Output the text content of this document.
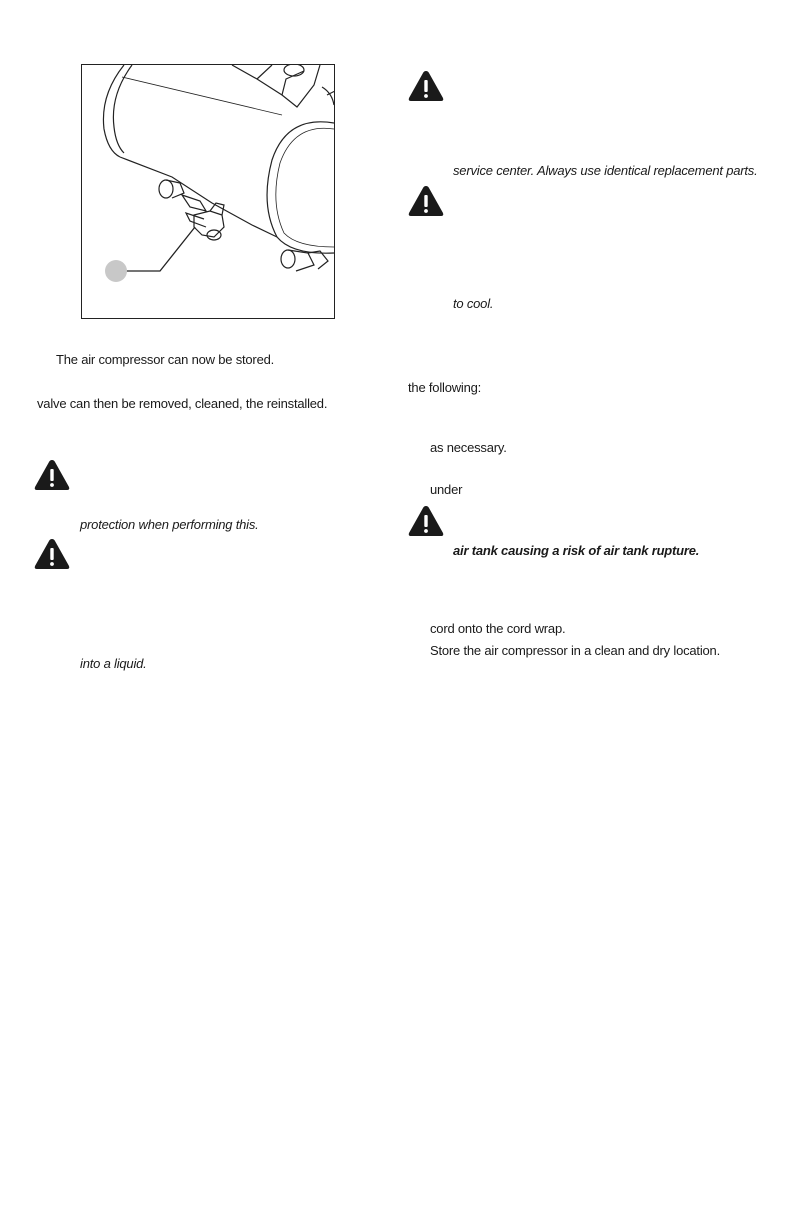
The air compressor can now be stored.
valve can then be removed, cleaned, the reinstalled.
protection when performing this.
into a liquid.
service center. Always use identical replacement parts.
to cool.
the following:
as necessary.
under
air tank causing a risk of air tank rupture.
cord onto the cord wrap.
Store the air compressor in a clean and dry location.
